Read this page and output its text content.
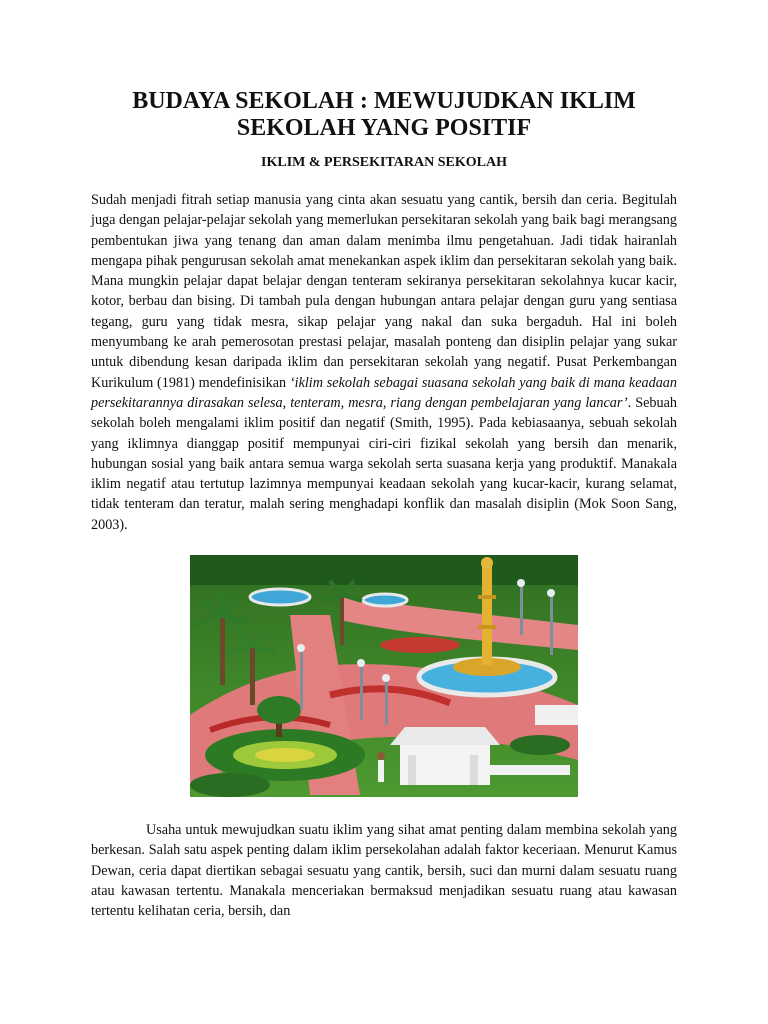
BUDAYA SEKOLAH : MEWUJUDKAN IKLIM
SEKOLAH YANG POSITIF
IKLIM & PERSEKITARAN SEKOLAH

Sudah menjadi fitrah setiap manusia yang cinta akan sesuatu yang cantik, bersih dan ceria. Begitulah juga dengan pelajar-pelajar sekolah yang memerlukan persekitaran sekolah yang baik bagi merangsang pembentukan jiwa yang tenang dan aman dalam menimba ilmu pengetahuan. Jadi tidak hairanlah mengapa pihak pengurusan sekolah amat menekankan aspek iklim dan persekitaran sekolah yang baik. Mana mungkin pelajar dapat belajar dengan tenteram sekiranya persekitaran sekolahnya kucar kacir, kotor, berbau dan bising. Di tambah pula dengan hubungan antara pelajar dengan guru yang sentiasa tegang, guru yang tidak mesra, sikap pelajar yang nakal dan suka bergaduh. Hal ini boleh menyumbang ke arah pemerosotan prestasi pelajar, masalah ponteng dan disiplin pelajar yang sukar untuk dibendung kesan daripada iklim dan persekitaran sekolah yang negatif. Pusat Perkembangan Kurikulum (1981) mendefinisikan ‘iklim sekolah sebagai suasana sekolah yang baik di mana keadaan persekitarannya dirasakan selesa, tenteram, mesra, riang dengan pembelajaran yang lancar’. Sebuah sekolah boleh mengalami iklim positif dan negatif (Smith, 1995). Pada kebiasaanya, sebuah sekolah yang iklimnya dianggap positif mempunyai ciri-ciri fizikal sekolah yang bersih dan menarik, hubungan sosial yang baik antara semua warga sekolah serta suasana kerja yang produktif. Manakala iklim negatif atau tertutup lazimnya mempunyai keadaan sekolah yang kucar-kacir, kurang selamat, tidak tenteram dan teratur, malah sering menghadapi konflik dan masalah disiplin (Mok Soon Sang, 2003).

Usaha untuk mewujudkan suatu iklim yang sihat amat penting dalam membina sekolah yang berkesan. Salah satu aspek penting dalam iklim persekolahan adalah faktor keceriaan. Menurut Kamus Dewan, ceria dapat diertikan sebagai sesuatu yang cantik, bersih, suci dan murni dalam sesuatu ruang atau kawasan tertentu. Manakala menceriakan bermaksud menjadikan sesuatu ruang atau kawasan tertentu kelihatan ceria, bersih, dan
